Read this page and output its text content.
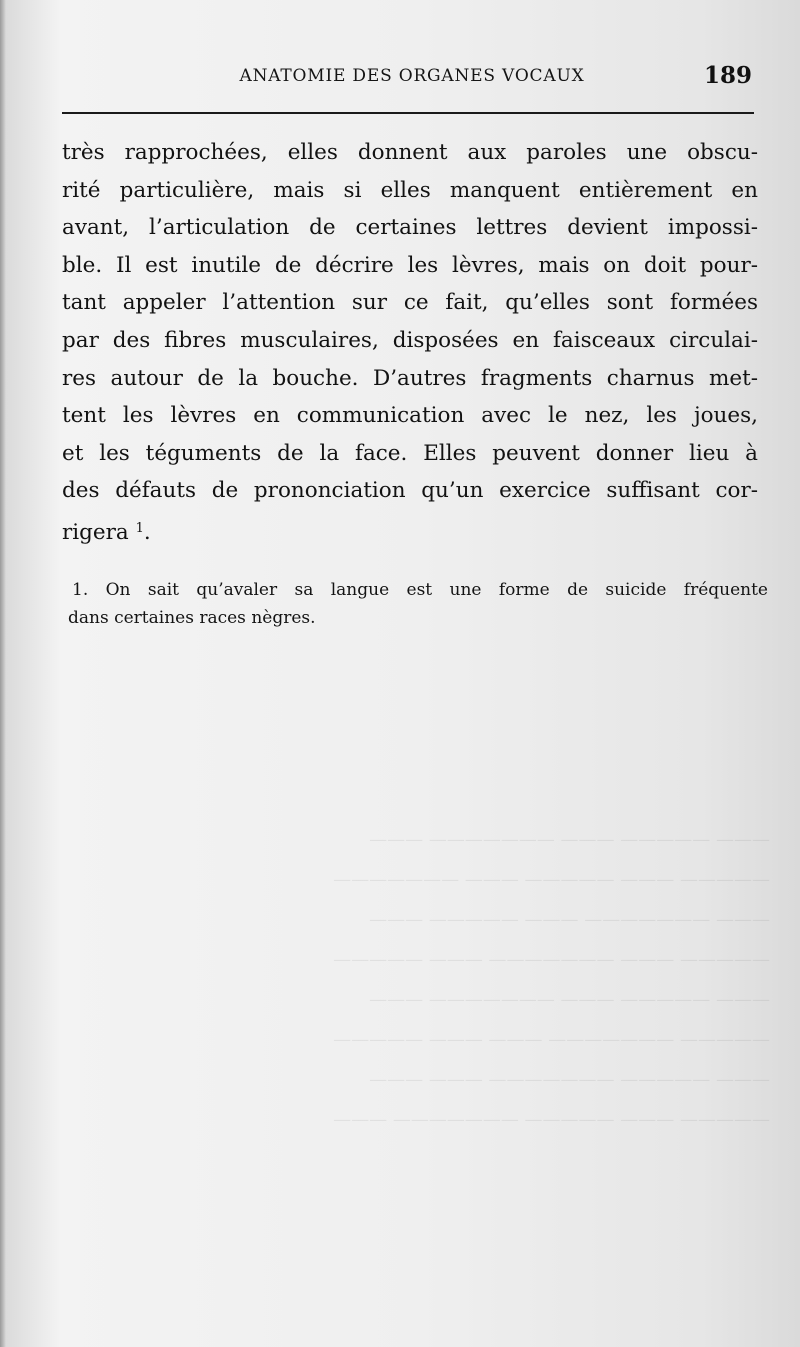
ANATOMIE DES ORGANES VOCAUX	189
très rapprochées, elles donnent aux paroles une obscu-
rité particulière, mais si elles manquent entièrement en
avant, l’articulation de certaines lettres devient impossi-
ble. Il est inutile de décrire les lèvres, mais on doit pour-
tant appeler l’attention sur ce fait, qu’elles sont formées
par des fibres musculaires, disposées en faisceaux circulai-
res autour de la bouche. D’autres fragments charnus met-
tent les lèvres en communication avec le nez, les joues,
et les téguments de la face. Elles peuvent donner lieu à
des défauts de prononciation qu’un exercice suffisant cor-
rigera $^1$.
1. On sait qu’avaler sa langue est une forme de suicide fréquente
dans certaines races nègres.
——— ————— ——— ——————— ———
————— ——— ————— ——— ———————
——— ——————— ——— ————— ———
————— ——— ——————— ——— —————
——— ————— ——— ——————— ———
————— ——————— ——— ——— —————
——— ————— ——————— ——— ———
————— ——— ————— ——————— ———
